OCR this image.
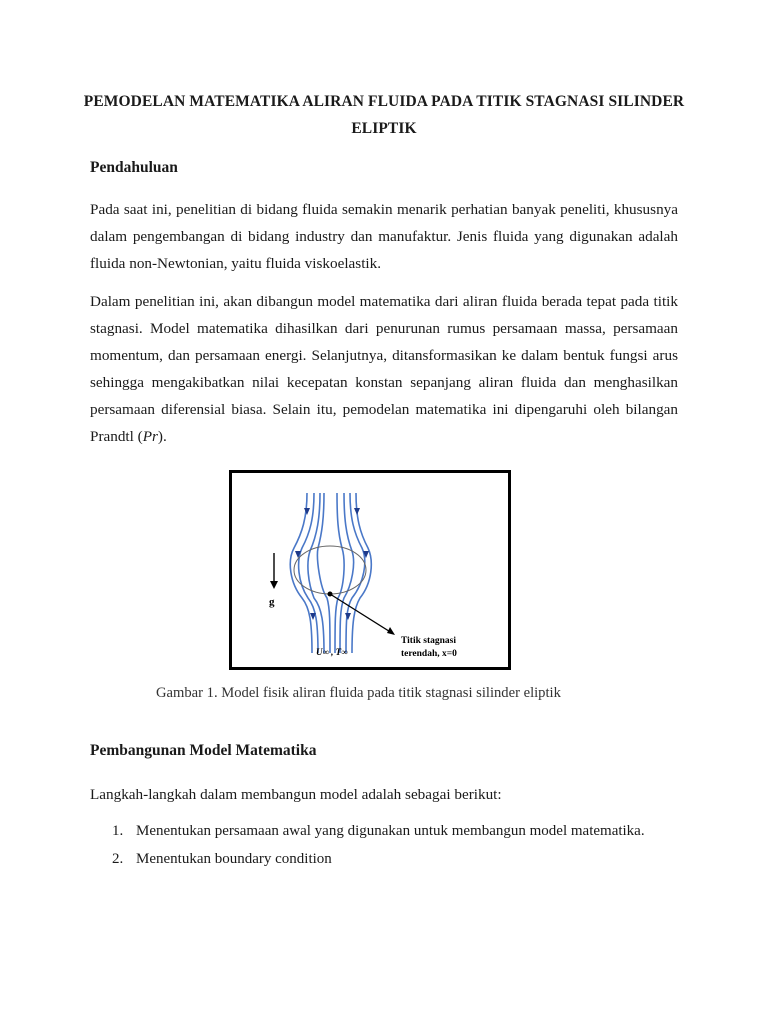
PEMODELAN MATEMATIKA ALIRAN FLUIDA PADA TITIK STAGNASI SILINDER
ELIPTIK
Pendahuluan

Pada saat ini, penelitian di bidang fluida semakin menarik perhatian banyak peneliti, khususnya
dalam pengembangan di bidang industry dan manufaktur. Jenis fluida yang digunakan adalah
fluida non-Newtonian, yaitu fluida viskoelastik.

Dalam penelitian ini, akan dibangun model matematika dari aliran fluida berada tepat pada titik
stagnasi. Model matematika dihasilkan dari penurunan rumus persamaan massa, persamaan
momentum, dan persamaan energi. Selanjutnya, ditansformasikan ke dalam bentuk fungsi arus
sehingga mengakibatkan nilai kecepatan konstan sepanjang aliran fluida dan menghasilkan
persamaan diferensial biasa. Selain itu, pemodelan matematika ini dipengaruhi oleh bilangan
Prandtl (Pr).

g
U∞ , T∞
Titik stagnasi
terendah, x=0
Gambar 1. Model fisik aliran fluida pada titik stagnasi silinder eliptik
Pembangunan Model Matematika
Langkah-langkah dalam membangun model adalah sebagai berikut:
1. Menentukan persamaan awal yang digunakan untuk membangun model matematika.
2. Menentukan boundary condition
